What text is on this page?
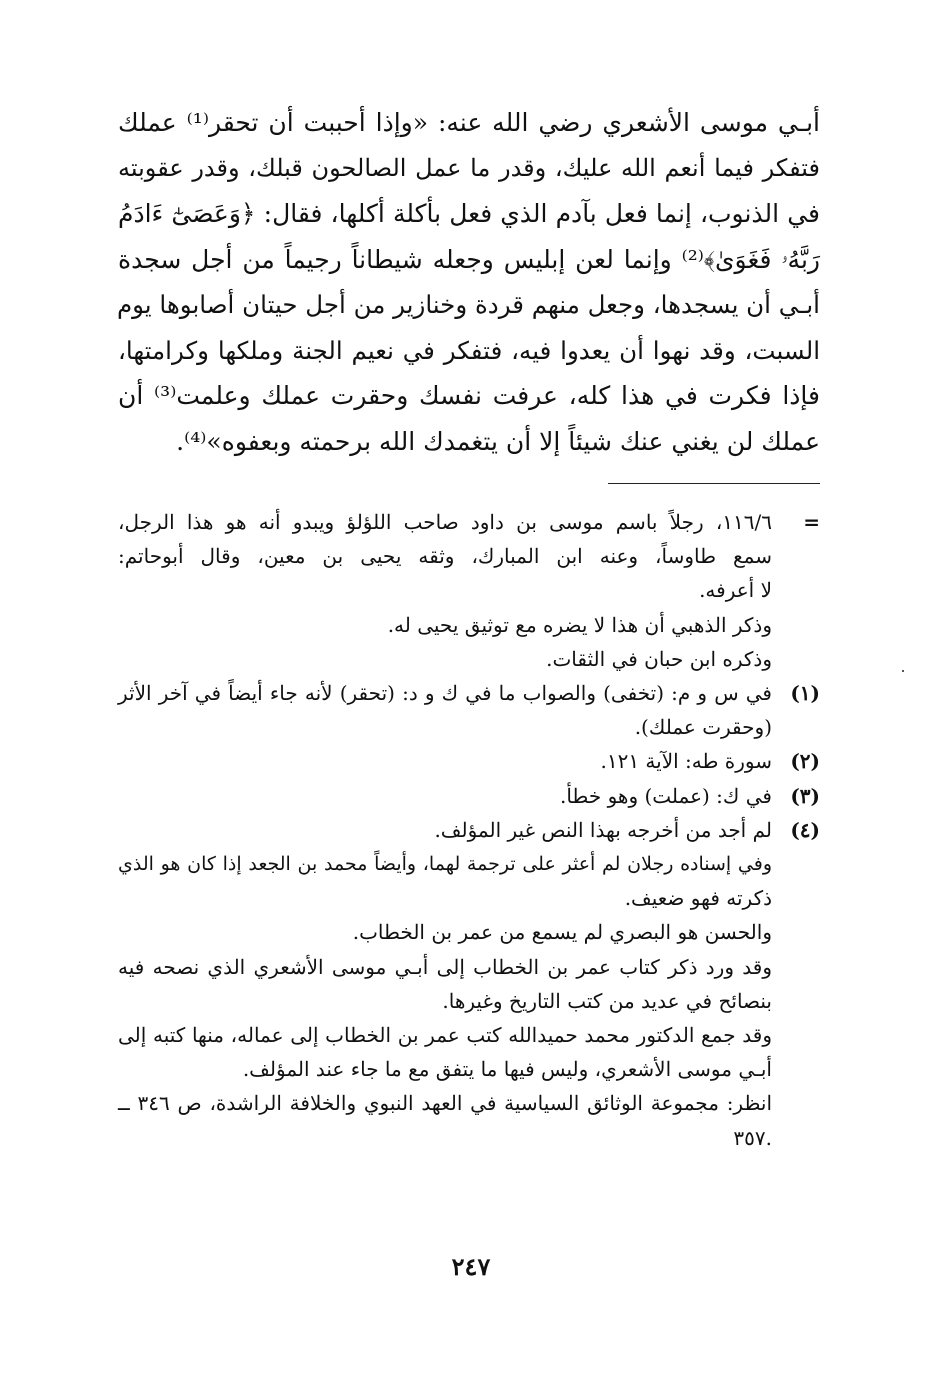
أبـي موسى الأشعري رضي الله عنه: «وإذا أحببت أن تحقر⁽¹⁾ عملك
فتفكر فيما أنعم الله عليك، وقدر ما عمل الصالحون قبلك، وقدر عقوبته
في الذنوب، إنما فعل بآدم الذي فعل بأكلة أكلها، فقال: ﴿وَعَصَىٰٓ ءَادَمُ
رَبَّهُۥ فَغَوَىٰ﴾⁽²⁾ وإنما لعن إبليس وجعله شيطاناً رجيماً من أجل سجدة
أبـي أن يسجدها، وجعل منهم قردة وخنازير من أجل حيتان أصابوها يوم
السبت، وقد نهوا أن يعدوا فيه، فتفكر في نعيم الجنة وملكها وكرامتها،
فإذا فكرت في هذا كله، عرفت نفسك وحقرت عملك وعلمت⁽³⁾ أن
عملك لن يغني عنك شيئاً إلا أن يتغمدك الله برحمته وبعفوه»⁽⁴⁾.
=
١١٦/٦، رجلاً باسم موسى بن داود صاحب اللؤلؤ ويبدو أنه هو هذا الرجل،
سمع طاوساً، وعنه ابن المبارك، وثقه يحيى بن معين، وقال أبوحاتم:
لا أعرفه.
وذكر الذهبي أن هذا لا يضره مع توثيق يحيى له.
وذكره ابن حبان في الثقات.
(١)
في س و م: (تخفى) والصواب ما في ك و د: (تحقر) لأنه جاء أيضاً في آخر الأثر
(وحقرت عملك).
(٢)
سورة طه: الآية ١٢١.
(٣)
في ك: (عملت) وهو خطأ.
(٤)
لم أجد من أخرجه بهذا النص غير المؤلف.
وفي إسناده رجلان لم أعثر على ترجمة لهما، وأيضاً محمد بن الجعد إذا كان هو الذي
ذكرته فهو ضعيف.
والحسن هو البصري لم يسمع من عمر بن الخطاب.
وقد ورد ذكر كتاب عمر بن الخطاب إلى أبـي موسى الأشعري الذي نصحه فيه
بنصائح في عديد من كتب التاريخ وغيرها.
وقد جمع الدكتور محمد حميدالله كتب عمر بن الخطاب إلى عماله، منها كتبه إلى
أبـي موسى الأشعري، وليس فيها ما يتفق مع ما جاء عند المؤلف.
انظر: مجموعة الوثائق السياسية في العهد النبوي والخلافة الراشدة، ص ٣٤٦ ــ
.٣٥٧
٢٤٧
